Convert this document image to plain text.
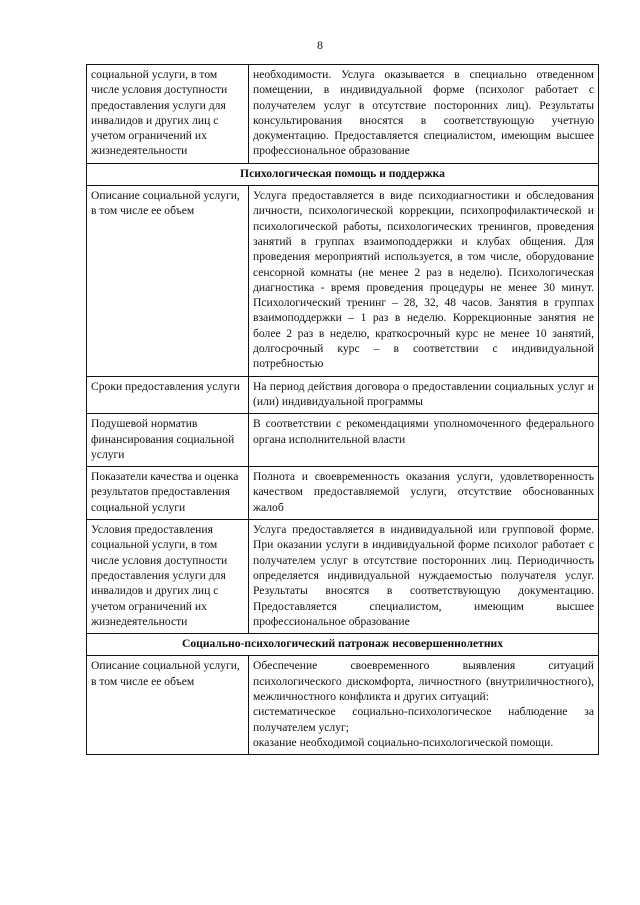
8
социальной услуги, в том числе условия доступности предоставления услуги для инвалидов и других лиц с учетом ограничений их жизнедеятельности	необходимости. Услуга оказывается в специально отведенном помещении, в индивидуальной форме (психолог работает с получателем услуг в отсутствие посторонних лиц). Результаты консультирования вносятся в соответствующую учетную документацию. Предоставляется специалистом, имеющим высшее профессиональное образование
Психологическая помощь и поддержка	
Описание социальной услуги, в том числе ее объем	Услуга предоставляется в виде психодиагностики и обследования личности, психологической коррекции, психопрофилактической и психологической работы, психологических тренингов, проведения занятий в группах взаимоподдержки и клубах общения. Для проведения мероприятий используется, в том числе, оборудование сенсорной комнаты (не менее 2 раз в неделю). Психологическая диагностика - время проведения процедуры не менее 30 минут. Психологический тренинг – 28, 32, 48 часов. Занятия в группах взаимоподдержки – 1 раз в неделю. Коррекционные занятия не более 2 раз в неделю, краткосрочный курс не менее 10 занятий, долгосрочный курс – в соответствии с индивидуальной потребностью
Сроки предоставления услуги	На период действия договора о предоставлении социальных услуг и (или) индивидуальной программы
Подушевой норматив финансирования социальной услуги	В соответствии с рекомендациями уполномоченного федерального органа исполнительной власти
Показатели качества и оценка результатов предоставления социальной услуги	Полнота и своевременность оказания услуги, удовлетворенность качеством предоставляемой услуги, отсутствие обоснованных жалоб
Условия предоставления социальной услуги, в том числе условия доступности предоставления услуги для инвалидов и других лиц с учетом ограничений их жизнедеятельности	Услуга предоставляется в индивидуальной или групповой форме. При оказании услуги в индивидуальной форме психолог работает с получателем услуг в отсутствие посторонних лиц. Периодичность определяется индивидуальной нуждаемостью получателя услуг. Результаты вносятся в соответствующую документацию. Предоставляется специалистом, имеющим высшее профессиональное образование
Социально-психологический патронаж несовершеннолетних	
Описание социальной услуги, в том числе ее объем	Обеспечение своевременного выявления ситуаций психологического дискомфорта, личностного (внутриличностного), межличностного конфликта и других ситуаций:
систематическое социально-психологическое наблюдение за получателем услуг;
оказание необходимой социально-психологической помощи.
